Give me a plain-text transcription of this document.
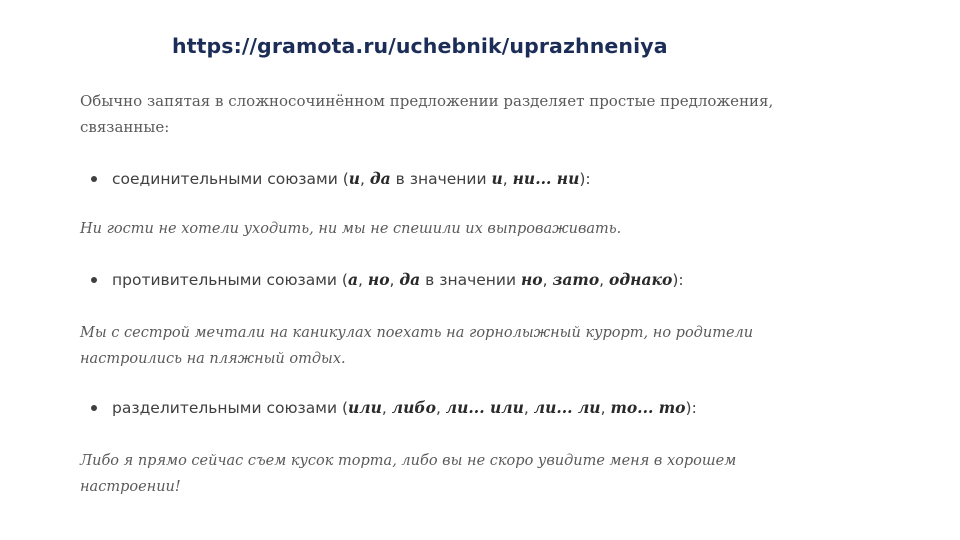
https://gramota.ru/uchebnik/uprazhneniya

Обычно запятая в сложносочинённом предложении разделяет простые предложения,
связанные:

соединительными союзами (и, да в значении и, ни... ни):

Ни гости не хотели уходить, ни мы не спешили их выпроваживать.

противительными союзами (а, но, да в значении но, зато, однако):

Мы с сестрой мечтали на каникулах поехать на горнолыжный курорт, но родители
настроились на пляжный отдых.

разделительными союзами (или, либо, ли... или, ли... ли, то... то):

Либо я прямо сейчас съем кусок торта, либо вы не скоро увидите меня в хорошем
настроении!
